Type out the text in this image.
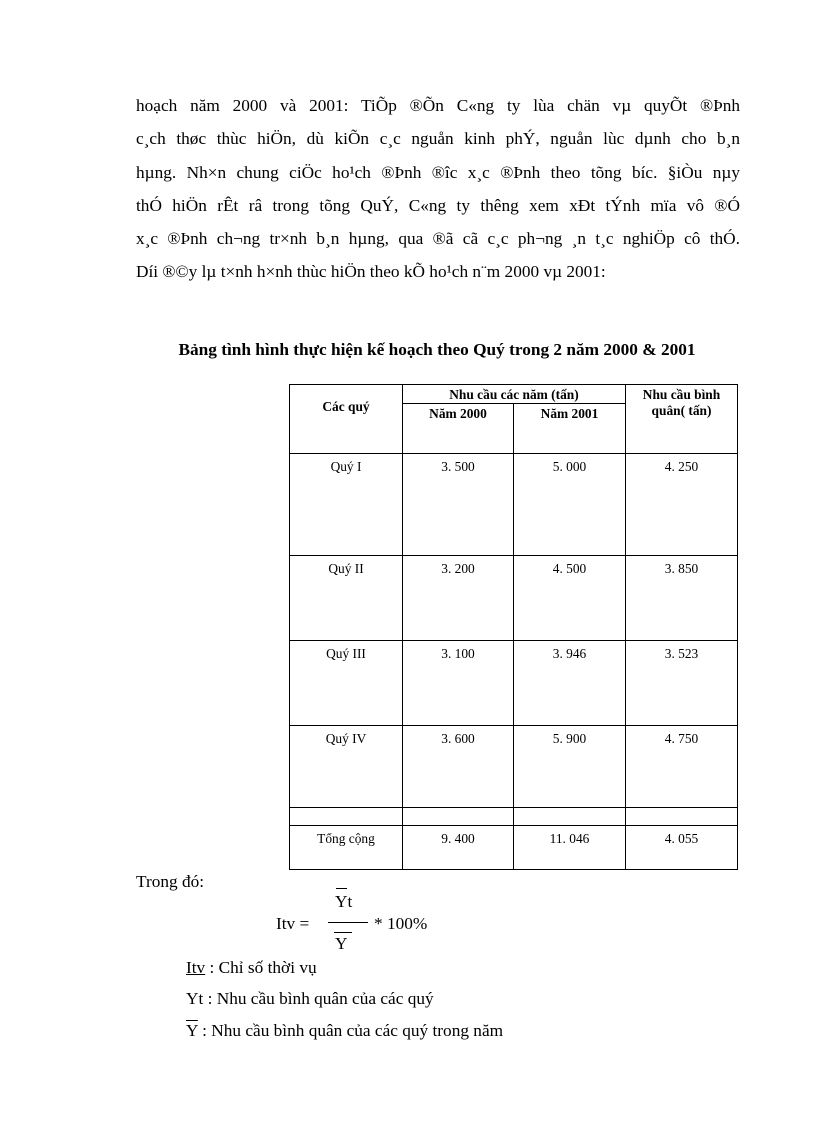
hoạch năm 2000 và 2001: TiÕp ®Õn C«ng ty lùa chän vµ quyÕt ®Þnh
c¸ch thøc thùc hiÖn, dù kiÕn c¸c nguån kinh phÝ, nguån lùc dµnh cho b¸n
hµng. Nh×n chung ciÖc ho¹ch ®Þnh ®îc x¸c ®Þnh theo tõng bíc. §iÒu nµy
thÓ hiÖn rÊt râ trong tõng QuÝ, C«ng ty thêng xem xÐt tÝnh mïa vô ®Ó
x¸c ®Þnh ch¬ng tr×nh b¸n hµng, qua ®ã cã c¸c ph¬ng ¸n t¸c nghiÖp cô thÓ.
Díi ®©y lµ t×nh h×nh thùc hiÖn theo kÕ ho¹ch n¨m 2000 vµ 2001:
Bảng tình hình thực hiện kế hoạch theo Quý trong 2 năm 2000 & 2001
Các quý	Nhu cầu các năm (tấn)		Nhu cầu bình
quân( tấn)

	Năm 2000	Năm 2001	

Quý I	3. 500	5. 000	4. 250

Quý II	3. 200	4. 500	3. 850

Quý III	3. 100	3. 946	3. 523

Quý IV	3. 600	5. 900	4. 750

Tổng cộng	9. 400	11. 046	4. 055
Trong đó:
Itv =
Yt
Y
* 100%
Itv : Chỉ số thời vụ
Yt : Nhu cầu bình quân của các quý
$\overline{Y}$ : Nhu cầu bình quân của các quý trong năm
